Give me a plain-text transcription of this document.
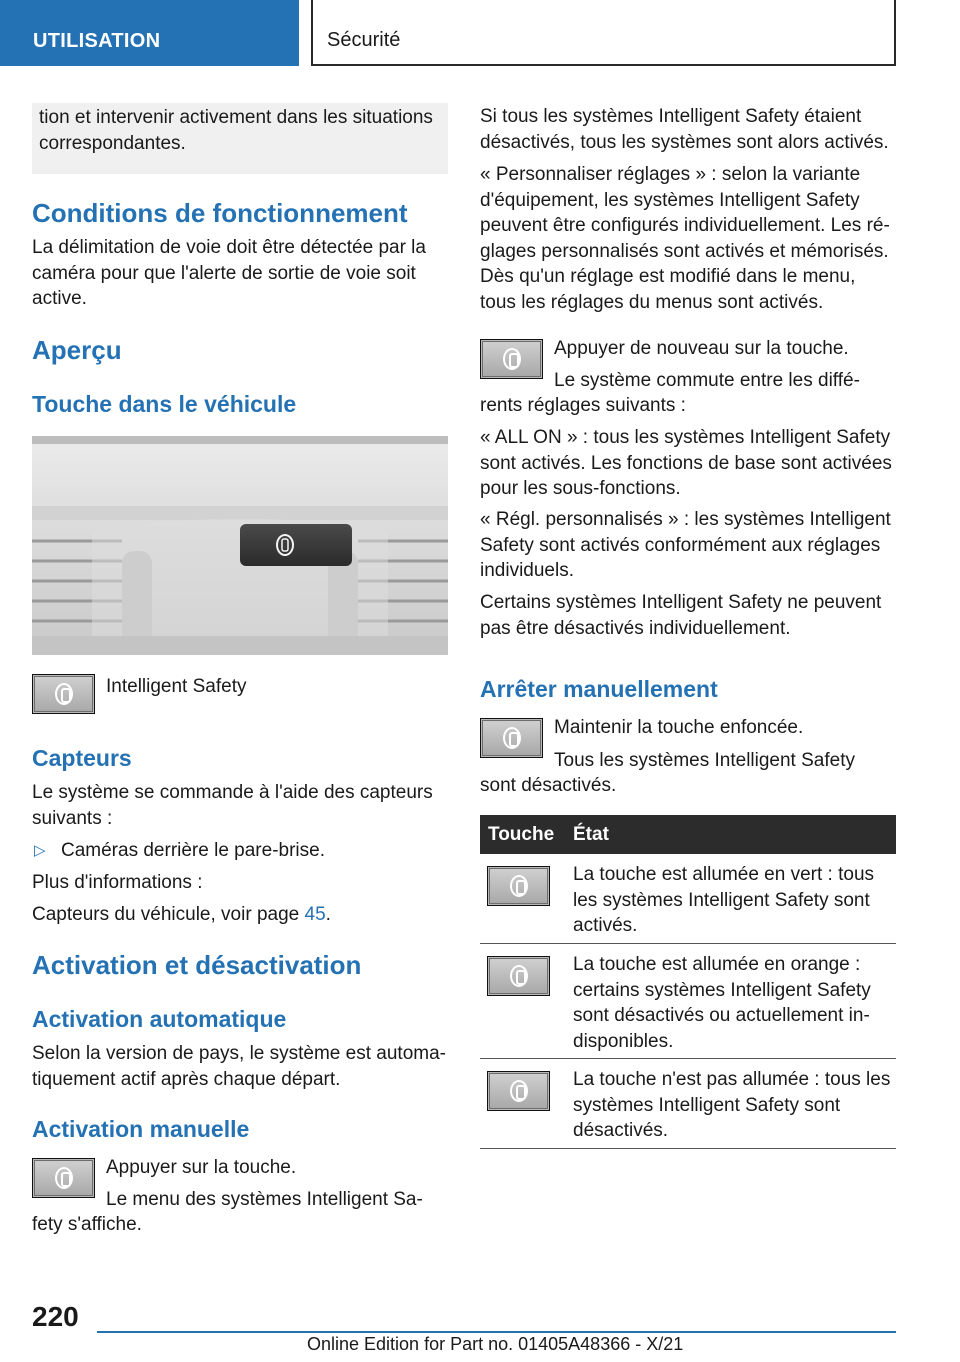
UTILISATION	Sécurité
tion et intervenir activement dans les situations correspondantes.
Conditions de fonctionnement
La délimitation de voie doit être détectée par la caméra pour que l'alerte de sortie de voie soit active.
Aperçu
Touche dans le véhicule
Intelligent Safety
Capteurs
Le système se commande à l'aide des capteurs suivants :
▷ Caméras derrière le pare-brise.
Plus d'informations :
Capteurs du véhicule, voir page 45.
Activation et désactivation
Activation automatique
Selon la version de pays, le système est automatiquement actif après chaque départ.
Activation manuelle
Appuyer sur la touche.
Le menu des systèmes Intelligent Sa‐
fety s'affiche.
Si tous les systèmes Intelligent Safety étaient désactivés, tous les systèmes sont alors activés.
« Personnaliser réglages » : selon la variante d'équipement, les systèmes Intelligent Safety peuvent être configurés individuellement. Les ré‐glages personnalisés sont activés et mémorisés. Dès qu'un réglage est modifié dans le menu, tous les réglages du menus sont activés.
Appuyer de nouveau sur la touche.
Le système commute entre les diffé‐
rents réglages suivants :
« ALL ON » : tous les systèmes Intelligent Safety sont activés. Les fonctions de base sont activées pour les sous-fonctions.
« Régl. personnalisés » : les systèmes Intelligent Safety sont activés conformément aux réglages individuels.
Certains systèmes Intelligent Safety ne peuvent pas être désactivés individuellement.
Arrêter manuellement
Maintenir la touche enfoncée.
Tous les systèmes Intelligent Safety
sont désactivés.
Touche État
La touche est allumée en vert : tous les systèmes Intelligent Safety sont activés.
La touche est allumée en orange : certains systèmes Intelligent Safety sont désactivés ou actuellement in‐disponibles.
La touche n'est pas allumée : tous les systèmes Intelligent Safety sont désactivés.
220
Online Edition for Part no. 01405A48366 - X/21
